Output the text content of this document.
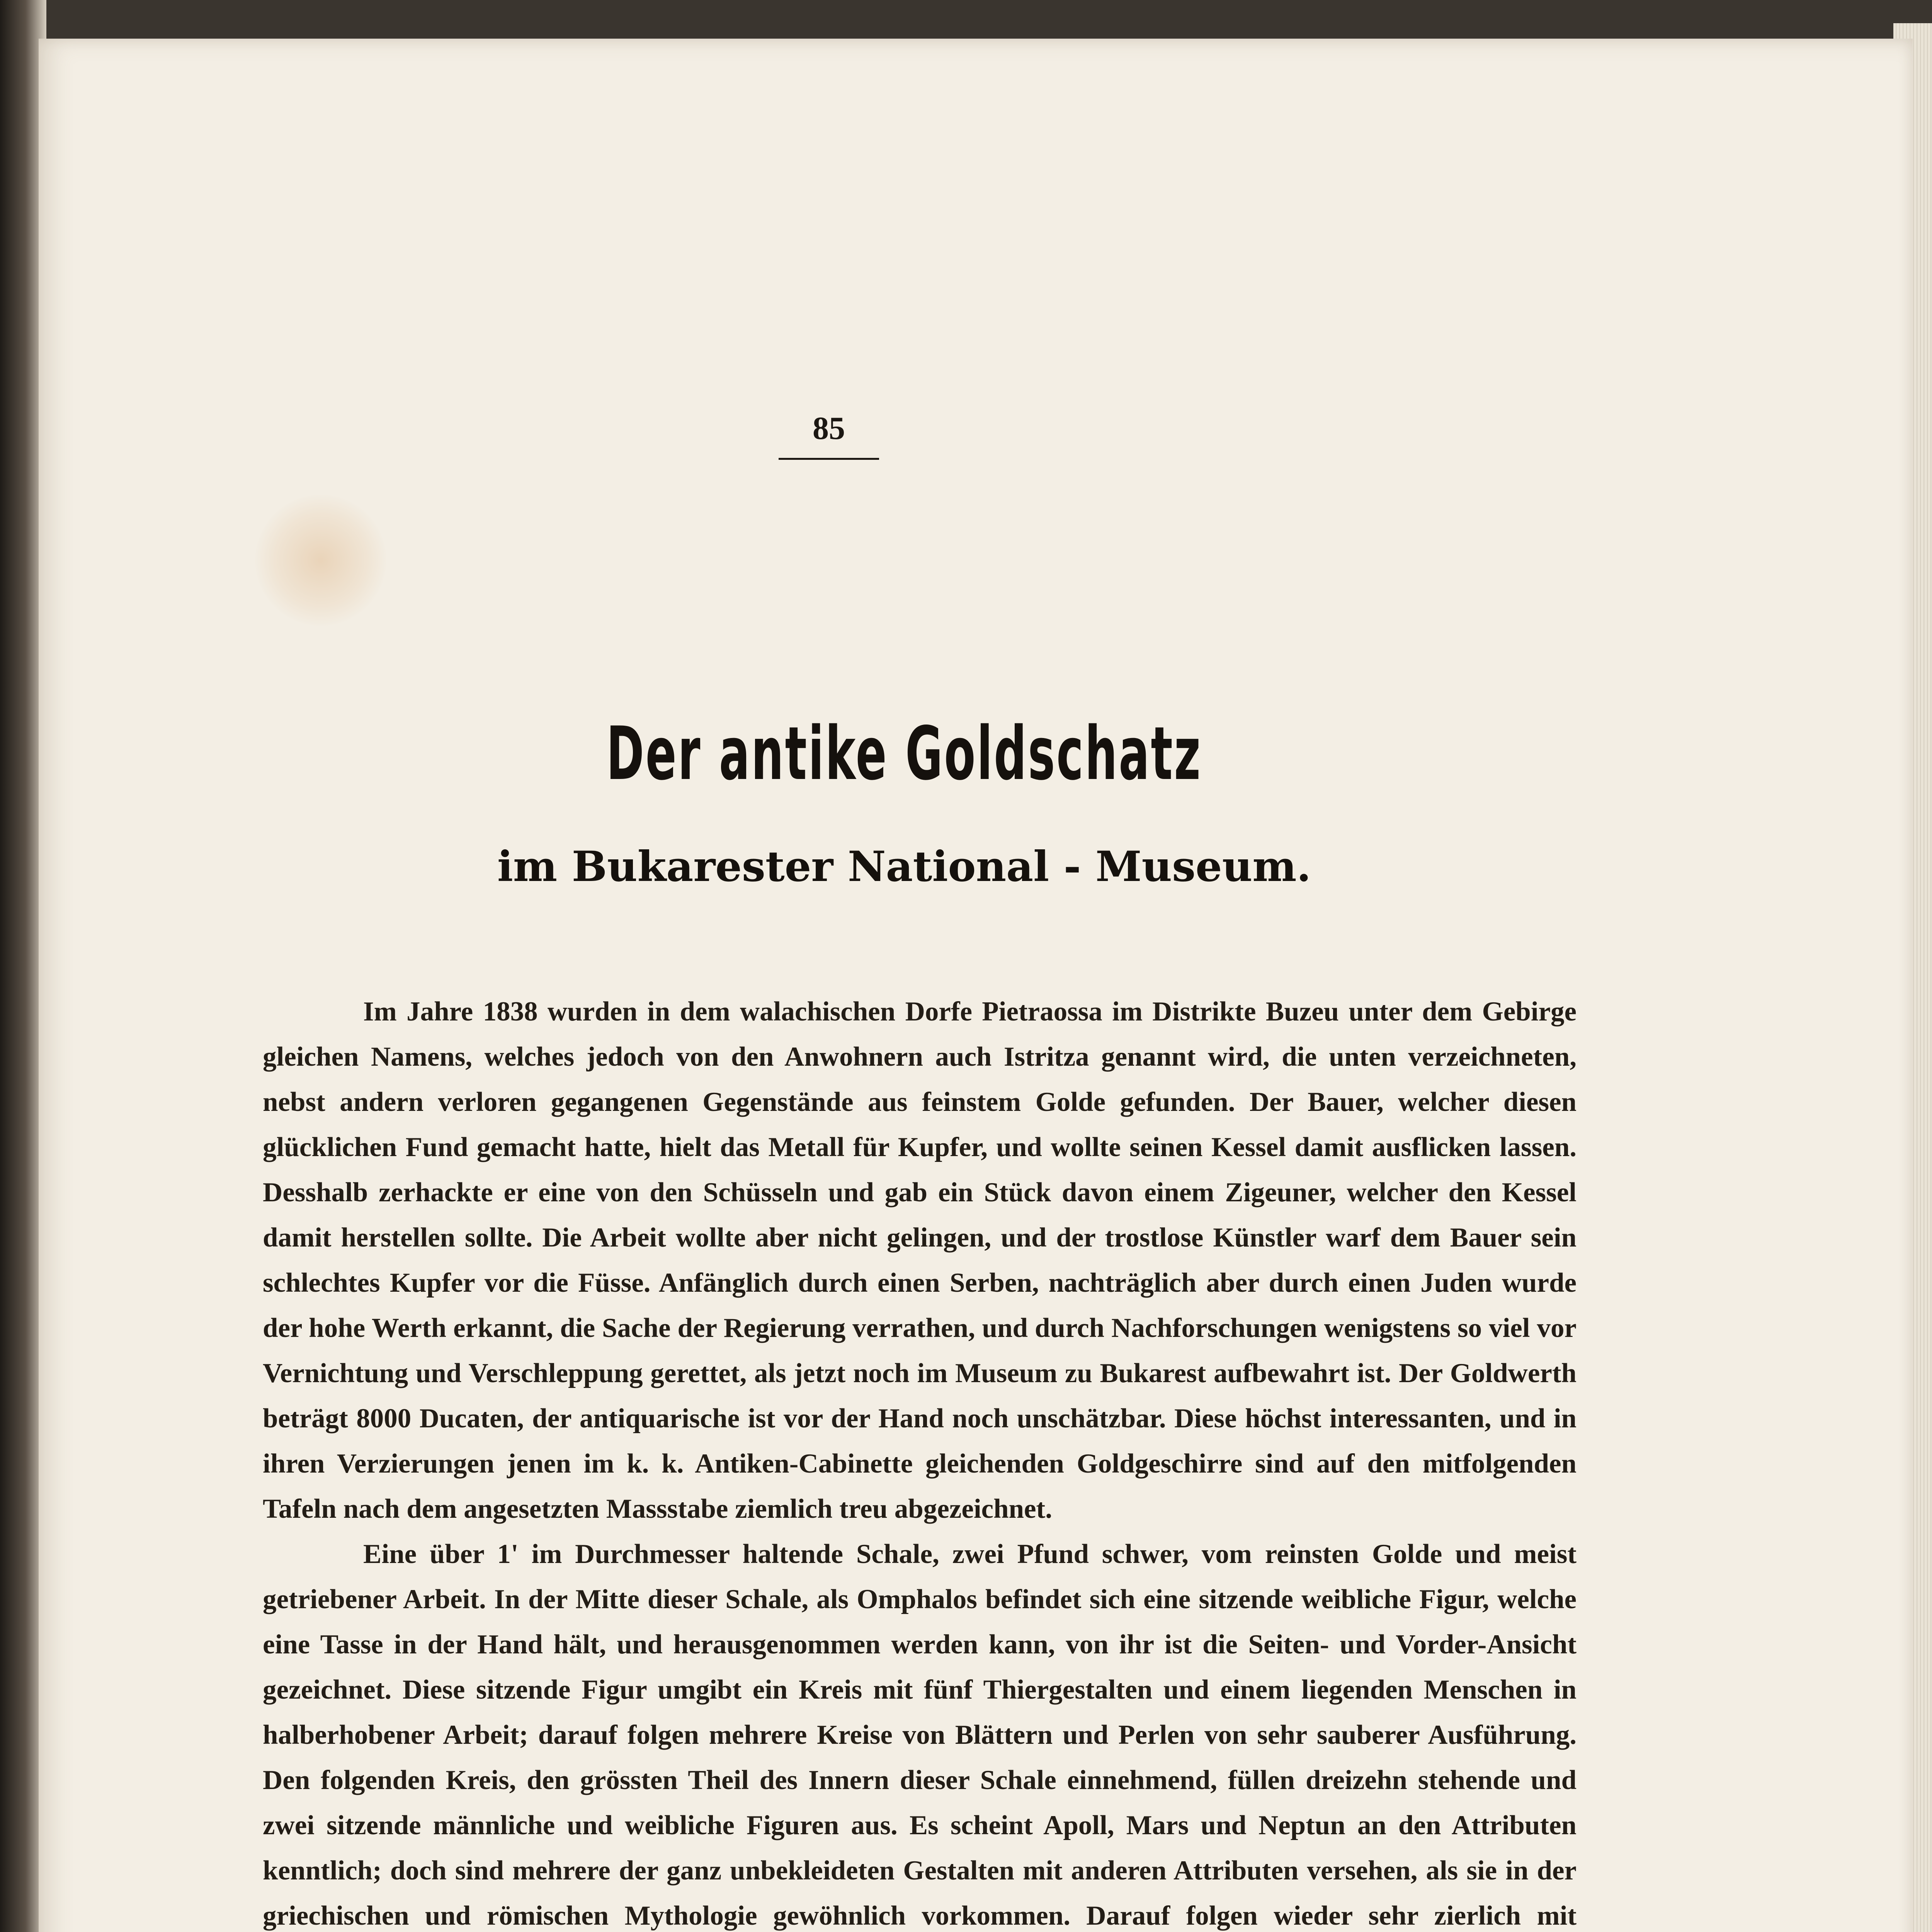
85
Der antike Goldschatz
im Bukarester National - Museum.

Im Jahre 1838 wurden in dem walachischen Dorfe Pietraossa im Distrikte Buzeu unter dem Gebirge gleichen Namens, welches jedoch von den Anwohnern auch Istritza genannt wird, die unten verzeichneten, nebst andern verloren gegangenen Gegenstände aus feinstem Golde gefunden. Der Bauer, welcher diesen glücklichen Fund gemacht hatte, hielt das Metall für Kupfer, und wollte seinen Kessel damit ausflicken lassen. Desshalb zerhackte er eine von den Schüsseln und gab ein Stück davon einem Zigeuner, welcher den Kessel damit herstellen sollte. Die Arbeit wollte aber nicht gelingen, und der trostlose Künstler warf dem Bauer sein schlechtes Kupfer vor die Füsse. Anfänglich durch einen Serben, nachträglich aber durch einen Juden wurde der hohe Werth erkannt, die Sache der Regierung verrathen, und durch Nachforschungen wenigstens so viel vor Vernichtung und Verschleppung gerettet, als jetzt noch im Museum zu Bukarest aufbewahrt ist. Der Goldwerth beträgt 8000 Ducaten, der antiquarische ist vor der Hand noch unschätzbar. Diese höchst interessanten, und in ihren Verzierungen jenen im k. k. Antiken-Cabinette gleichenden Goldgeschirre sind auf den mitfolgenden Tafeln nach dem angesetzten Massstabe ziemlich treu abgezeichnet.

Eine über 1' im Durchmesser haltende Schale, zwei Pfund schwer, vom reinsten Golde und meist getriebener Arbeit. In der Mitte dieser Schale, als Omphalos befindet sich eine sitzende weibliche Figur, welche eine Tasse in der Hand hält, und herausgenommen werden kann, von ihr ist die Seiten- und Vorder-Ansicht gezeichnet. Diese sitzende Figur umgibt ein Kreis mit fünf Thiergestalten und einem liegenden Menschen in halberhobener Arbeit; darauf folgen mehrere Kreise von Blättern und Perlen von sehr sauberer Ausführung. Den folgenden Kreis, den grössten Theil des Innern dieser Schale einnehmend, füllen dreizehn stehende und zwei sitzende männliche und weibliche Figuren aus. Es scheint Apoll, Mars und Neptun an den Attributen kenntlich; doch sind mehrere der ganz unbekleideten Gestalten mit anderen Attributen versehen, als sie in der griechischen und römischen Mythologie gewöhnlich vorkommen. Darauf folgen wieder sehr zierlich mit
